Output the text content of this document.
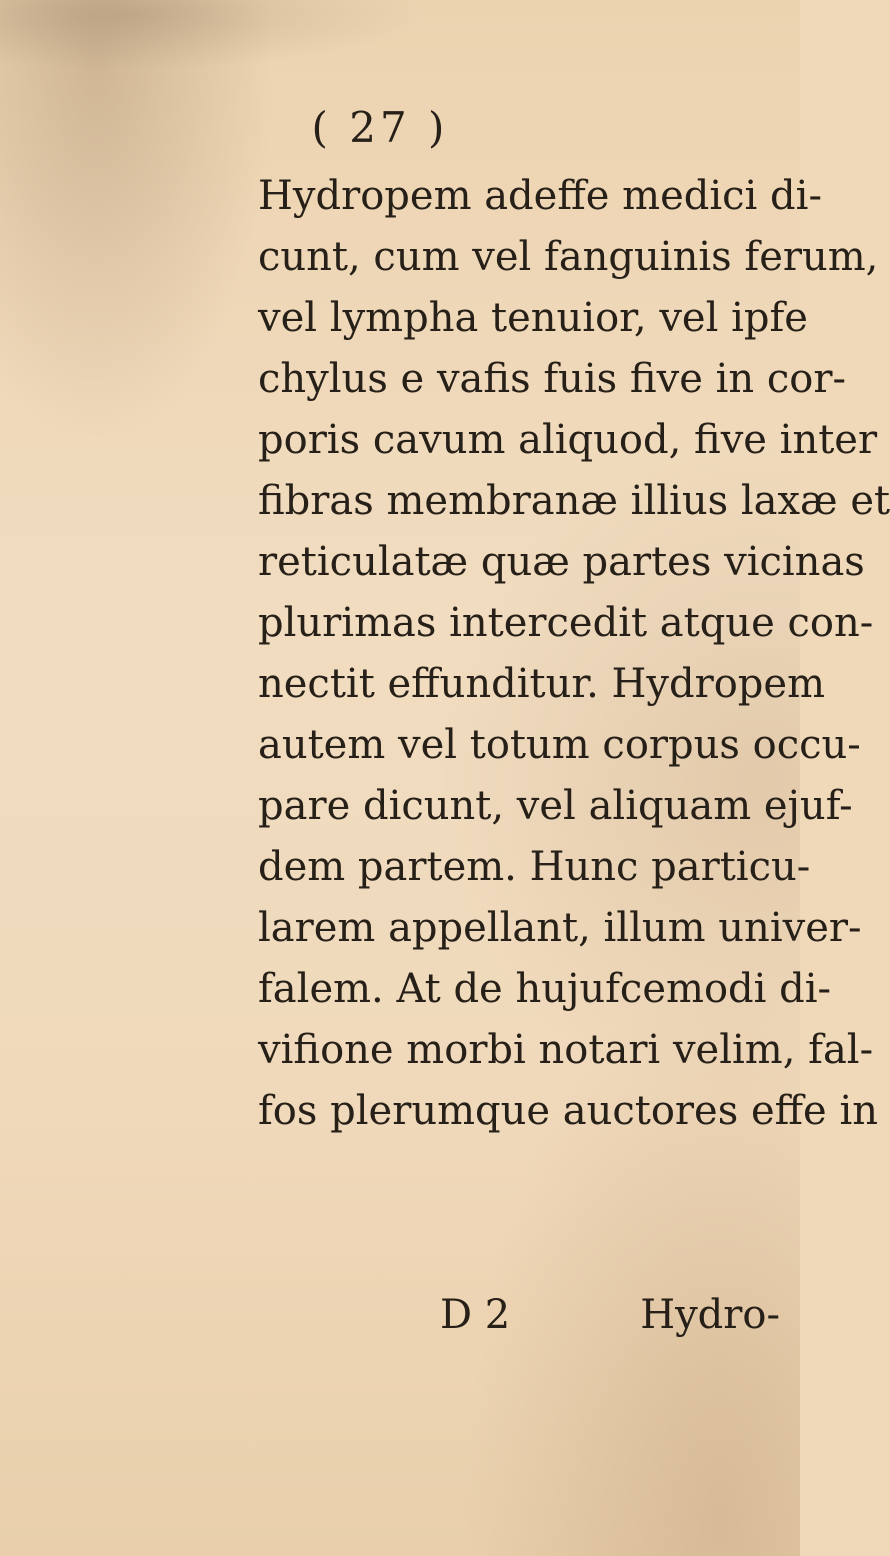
( 27 )
Hydropem adeffe medici di-
cunt, cum vel fanguinis ferum,
vel lympha tenuior, vel ipfe
chylus e vafis fuis five in cor-
poris cavum aliquod, five inter
fibras membranæ illius laxæ et
reticulatæ quæ partes vicinas
plurimas intercedit atque con-
nectit effunditur. Hydropem
autem vel totum corpus occu-
pare dicunt, vel aliquam ejuf-
dem partem. Hunc particu-
larem appellant, illum univer-
falem. At de hujufcemodi di-
vifione morbi notari velim, fal-
fos plerumque auctores effe in
D 2	Hydro-
